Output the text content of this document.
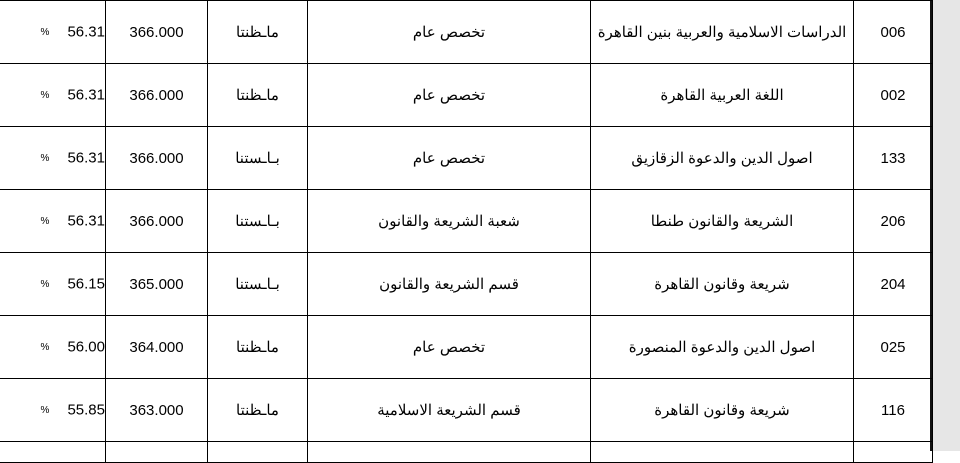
% 56.31	366.000	ماـظنتا	تخصص عام	الدراسات الاسلامية والعربية بنين القاهرة	006
% 56.31	366.000	ماـظنتا	تخصص عام	اللغة العربية القاهرة	002
% 56.31	366.000	بـاـستنا	تخصص عام	اصول الدين والدعوة الزقازيق	133
% 56.31	366.000	بـاـستنا	شعبة الشريعة والقانون	الشريعة والقانون طنطا	206
% 56.15	365.000	بـاـستنا	قسم الشريعة والقانون	شريعة وقانون القاهرة	204
% 56.00	364.000	ماـظنتا	تخصص عام	اصول الدين والدعوة المنصورة	025
% 55.85	363.000	ماـظنتا	قسم الشريعة الاسلامية	شريعة وقانون القاهرة	116
